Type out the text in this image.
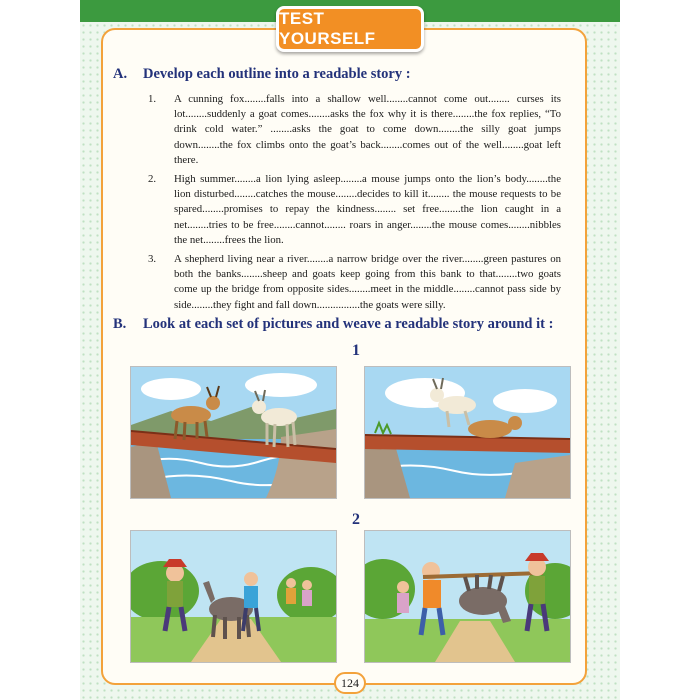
TEST YOURSELF
A. Develop each outline into a readable story :
1.	A cunning fox........falls into a shallow well........cannot come out........ curses its lot........suddenly a goat comes........asks the fox why it is there........the fox replies, “To drink cold water.” ........asks the goat to come down........the silly goat jumps down........the fox climbs onto the goat’s back........comes out of the well........goat left there.
2.	High summer........a lion lying asleep........a mouse jumps onto the lion’s body........the lion disturbed........catches the mouse........decides to kill it........ the mouse requests to be spared........promises to repay the kindness........ set free........the lion caught in a net........tries to be free........cannot........ roars in anger........the mouse comes........nibbles the net........frees the lion.
3.	A shepherd living near a river........a narrow bridge over the river........green pastures on both the banks........sheep and goats keep going from this bank to that........two goats come up the bridge from opposite sides........meet in the middle........cannot pass side by side........they fight and fall down................the goats were silly.
B. Look at each set of pictures and weave a readable story around it :
1
2
124
